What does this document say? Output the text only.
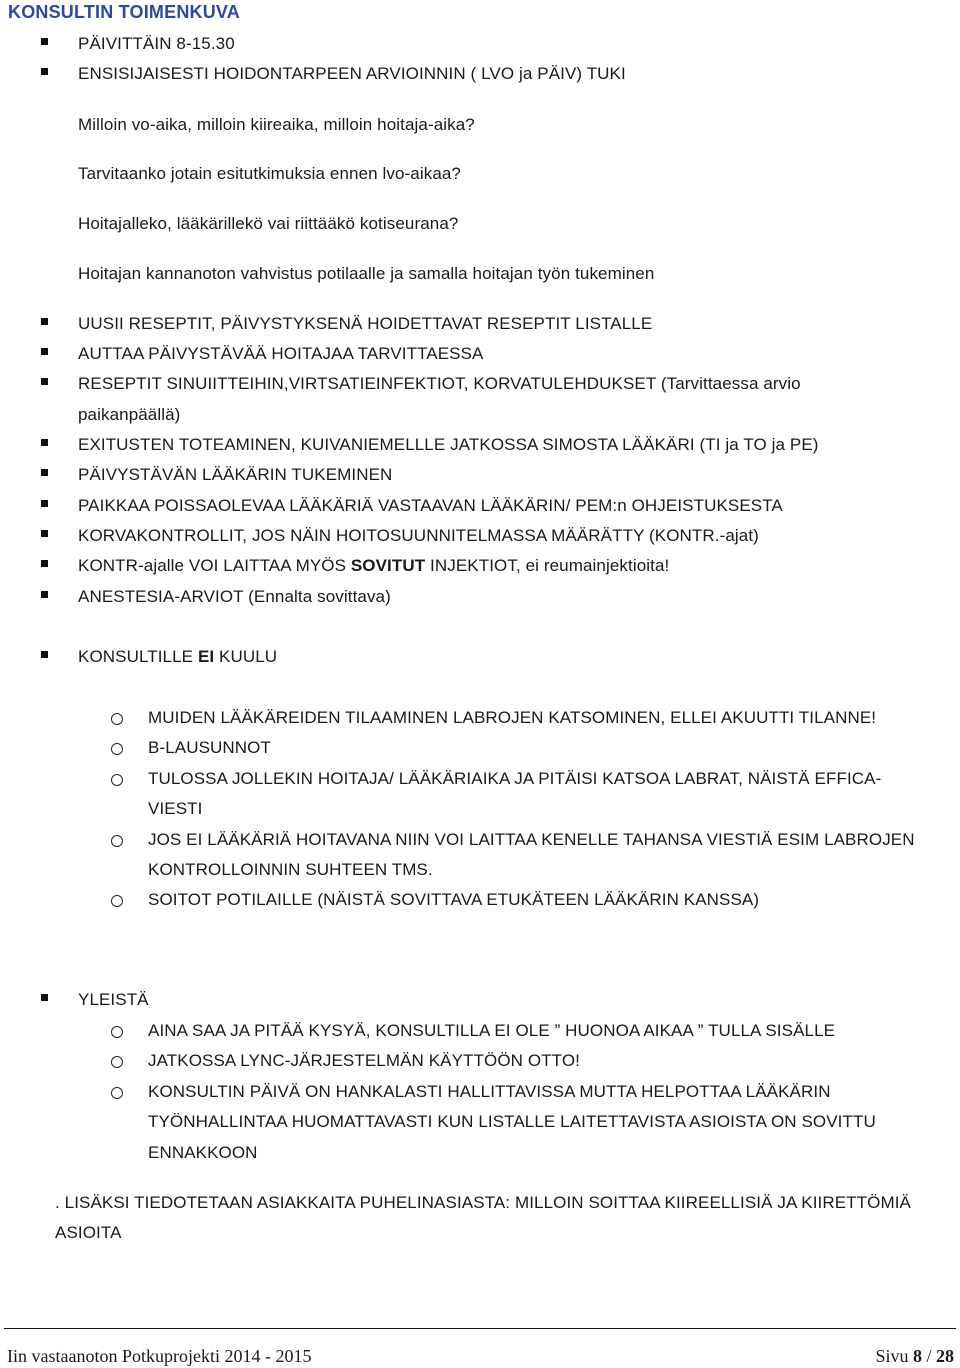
KONSULTIN TOIMENKUVA
PÄIVITTÄIN 8-15.30
ENSISIJAISESTI HOIDONTARPEEN ARVIOINNIN ( LVO ja PÄIV) TUKI
Milloin vo-aika, milloin kiireaika, milloin hoitaja-aika?
Tarvitaanko jotain esitutkimuksia ennen lvo-aikaa?
Hoitajalleko, lääkärillekö vai riittääkö kotiseurana?
Hoitajan kannanoton vahvistus potilaalle ja samalla hoitajan työn tukeminen
UUSII RESEPTIT, PÄIVYSTYKSENÄ HOIDETTAVAT RESEPTIT LISTALLE
AUTTAA PÄIVYSTÄVÄÄ HOITAJAA TARVITTAESSA
RESEPTIT SINUIITTEIHIN,VIRTSATIEINFEKTIOT, KORVATULEHDUKSET (Tarvittaessa arvio
paikanpäällä)
EXITUSTEN TOTEAMINEN, KUIVANIEMELLLE JATKOSSA SIMOSTA LÄÄKÄRI (TI ja TO ja PE)
PÄIVYSTÄVÄN LÄÄKÄRIN TUKEMINEN
PAIKKAA POISSAOLEVAA LÄÄKÄRIÄ VASTAAVAN LÄÄKÄRIN/ PEM:n OHJEISTUKSESTA
KORVAKONTROLLIT, JOS NÄIN HOITOSUUNNITELMASSA MÄÄRÄTTY (KONTR.-ajat)
KONTR-ajalle VOI LAITTAA MYÖS SOVITUT INJEKTIOT, ei reumainjektioita!
ANESTESIA-ARVIOT (Ennalta sovittava)
KONSULTILLE EI KUULU
MUIDEN LÄÄKÄREIDEN TILAAMINEN LABROJEN KATSOMINEN, ELLEI AKUUTTI TILANNE!
B-LAUSUNNOT
TULOSSA JOLLEKIN HOITAJA/ LÄÄKÄRIAIKA JA PITÄISI KATSOA LABRAT, NÄISTÄ EFFICA-
VIESTI
JOS EI LÄÄKÄRIÄ HOITAVANA NIIN VOI LAITTAA KENELLE TAHANSA VIESTIÄ ESIM LABROJEN
KONTROLLOINNIN SUHTEEN TMS.
SOITOT POTILAILLE (NÄISTÄ SOVITTAVA ETUKÄTEEN LÄÄKÄRIN KANSSA)
YLEISTÄ
AINA SAA JA PITÄÄ KYSYÄ, KONSULTILLA EI OLE ” HUONOA AIKAA ” TULLA SISÄLLE
JATKOSSA LYNC-JÄRJESTELMÄN KÄYTTÖÖN OTTO!
KONSULTIN PÄIVÄ ON HANKALASTI HALLITTAVISSA MUTTA HELPOTTAA LÄÄKÄRIN
TYÖNHALLINTAA HUOMATTAVASTI KUN LISTALLE LAITETTAVISTA ASIOISTA ON SOVITTU
ENNAKKOON
. LISÄKSI TIEDOTETAAN ASIAKKAITA PUHELINASIASTA: MILLOIN SOITTAA KIIREELLISIÄ JA KIIRETTÖMIÄ
ASIOITA
Iin vastaanoton Potkuprojekti 2014 - 2015	Sivu 8 / 28
